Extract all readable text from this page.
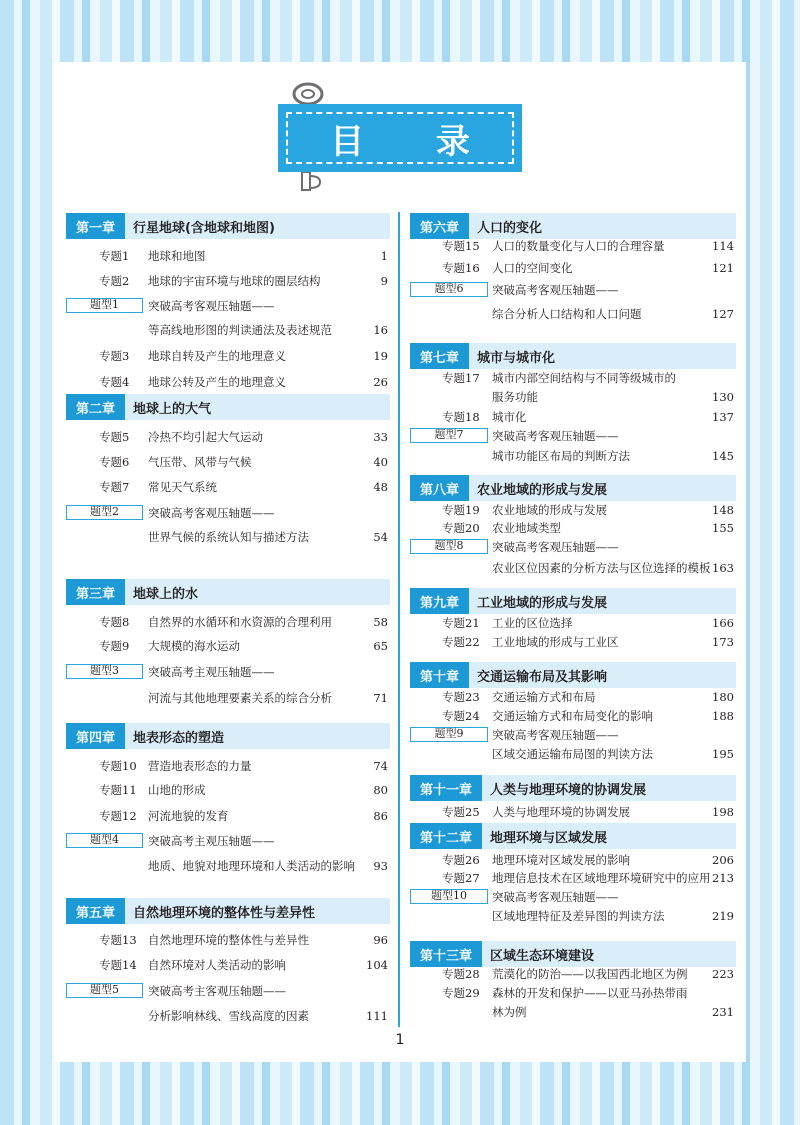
目 录
第一章	行星地球(含地球和地图)
专题1	地球和地图	1
专题2	地球的宇宙环境与地球的圈层结构	9
题型1	突破高考客观压轴题——
等高线地形图的判读通法及表述规范	16
专题3	地球自转及产生的地理意义	19
专题4	地球公转及产生的地理意义	26
第二章	地球上的大气
专题5	冷热不均引起大气运动	33
专题6	气压带、风带与气候	40
专题7	常见天气系统	48
题型2	突破高考客观压轴题——
世界气候的系统认知与描述方法	54
第三章	地球上的水
专题8	自然界的水循环和水资源的合理利用	58
专题9	大规模的海水运动	65
题型3	突破高考主观压轴题——
河流与其他地理要素关系的综合分析	71
第四章	地表形态的塑造
专题10 营造地表形态的力量	74
专题11 山地的形成	80
专题12 河流地貌的发育	86
题型4	突破高考主观压轴题——
地质、地貌对地理环境和人类活动的影响 93
第五章	自然地理环境的整体性与差异性
专题13 自然地理环境的整体性与差异性	96
专题14 自然环境对人类活动的影响	104
题型5	突破高考主客观压轴题——
分析影响林线、雪线高度的因素	111
第六章	人口的变化
专题15	人口的数量变化与人口的合理容量	114
专题16	人口的空间变化	121
题型6	突破高考客观压轴题——
综合分析人口结构和人口问题	127
第七章	城市与城市化
专题17	城市内部空间结构与不同等级城市的
服务功能	130
专题18	城市化	137
题型7	突破高考客观压轴题——
城市功能区布局的判断方法	145
第八章	农业地域的形成与发展
专题19	农业地域的形成与发展	148
专题20	农业地域类型	155
题型8	突破高考客观压轴题——
农业区位因素的分析方法与区位选择的模板 163
第九章	工业地域的形成与发展
专题21	工业的区位选择	166
专题22	工业地域的形成与工业区	173
第十章	交通运输布局及其影响
专题23	交通运输方式和布局	180
专题24	交通运输方式和布局变化的影响	188
题型9	突破高考客观压轴题——
区域交通运输布局图的判读方法	195
第十一章	人类与地理环境的协调发展
专题25	人类与地理环境的协调发展	198
第十二章	地理环境与区域发展
专题26	地理环境对区域发展的影响	206
专题27	地理信息技术在区域地理环境研究中的应用 213
题型10	突破高考客观压轴题——
区域地理特征及差异图的判读方法	219
第十三章	区域生态环境建设
专题28	荒漠化的防治——以我国西北地区为例 223
专题29	森林的开发和保护——以亚马孙热带雨
林为例	231
1
